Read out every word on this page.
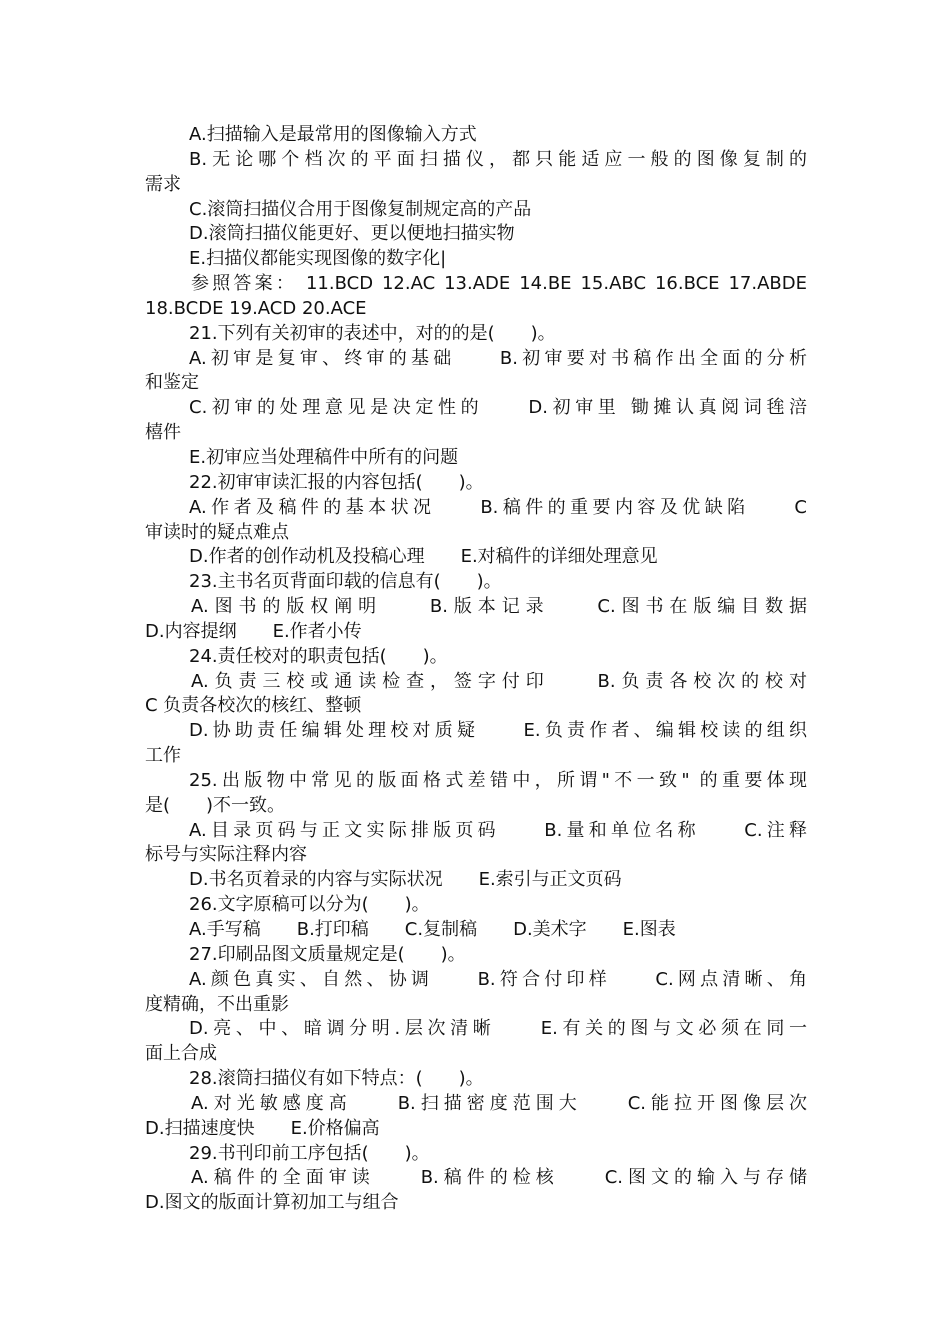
A.扫描输入是最常用的图像输入方式
B.无论哪个档次的平面扫描仪，都只能适应一般的图像复制的
需求
C.滚筒扫描仪合用于图像复制规定高的产品
D.滚筒扫描仪能更好、更以便地扫描实物
E.扫描仪都能实现图像的数字化|
参照答案： 11.BCD 12.AC 13.ADE 14.BE 15.ABC 16.BCE 17.ABDE
18.BCDE 19.ACD 20.ACE
21.下列有关初审的表述中，对的的是(　　)。
A.初审是复审、终审的基础　　B.初审要对书稿作出全面的分析
和鉴定
C.初审的处理意见是决定性的　　D.初审里 锄摊认真阅词毪涪
橲件
E.初审应当处理稿件中所有的问题
22.初审审读汇报的内容包括(　　)。
A.作者及稿件的基本状况　　B.稿件的重要内容及优缺陷　　C
审读时的疑点难点
D.作者的创作动机及投稿心理　　E.对稿件的详细处理意见
23.主书名页背面印载的信息有(　　)。
A.图书的版权阐明　　B.版本记录　　C.图书在版编目数据
D.内容提纲　　E.作者小传
24.责任校对的职责包括(　　)。
A.负责三校或通读检查，签字付印　　B.负责各校次的校对
C 负责各校次的核红、整顿
D.协助责任编辑处理校对质疑　　E.负责作者、编辑校读的组织
工作
25.出版物中常见的版面格式差错中，所谓"不一致" 的重要体现
是(　　)不一致。
A.目录页码与正文实际排版页码　　B.量和单位名称　　C.注释
标号与实际注释内容
D.书名页着录的内容与实际状况　　E.索引与正文页码
26.文字原稿可以分为(　　)。
A.手写稿　　B.打印稿　　C.复制稿　　D.美术字　　E.图表
27.印刷品图文质量规定是(　　)。
A.颜色真实、自然、协调　　B.符合付印样　　C.网点清晰、角
度精确，不出重影
D.亮、中、暗调分明.层次清晰　　E.有关的图与文必须在同一
面上合成
28.滚筒扫描仪有如下特点：(　　)。
A.对光敏感度高　　B.扫描密度范围大　　C.能拉开图像层次
D.扫描速度快　　E.价格偏高
29.书刊印前工序包括(　　)。
A.稿件的全面审读　　B.稿件的检核　　C.图文的输入与存储
D.图文的版面计算初加工与组合
